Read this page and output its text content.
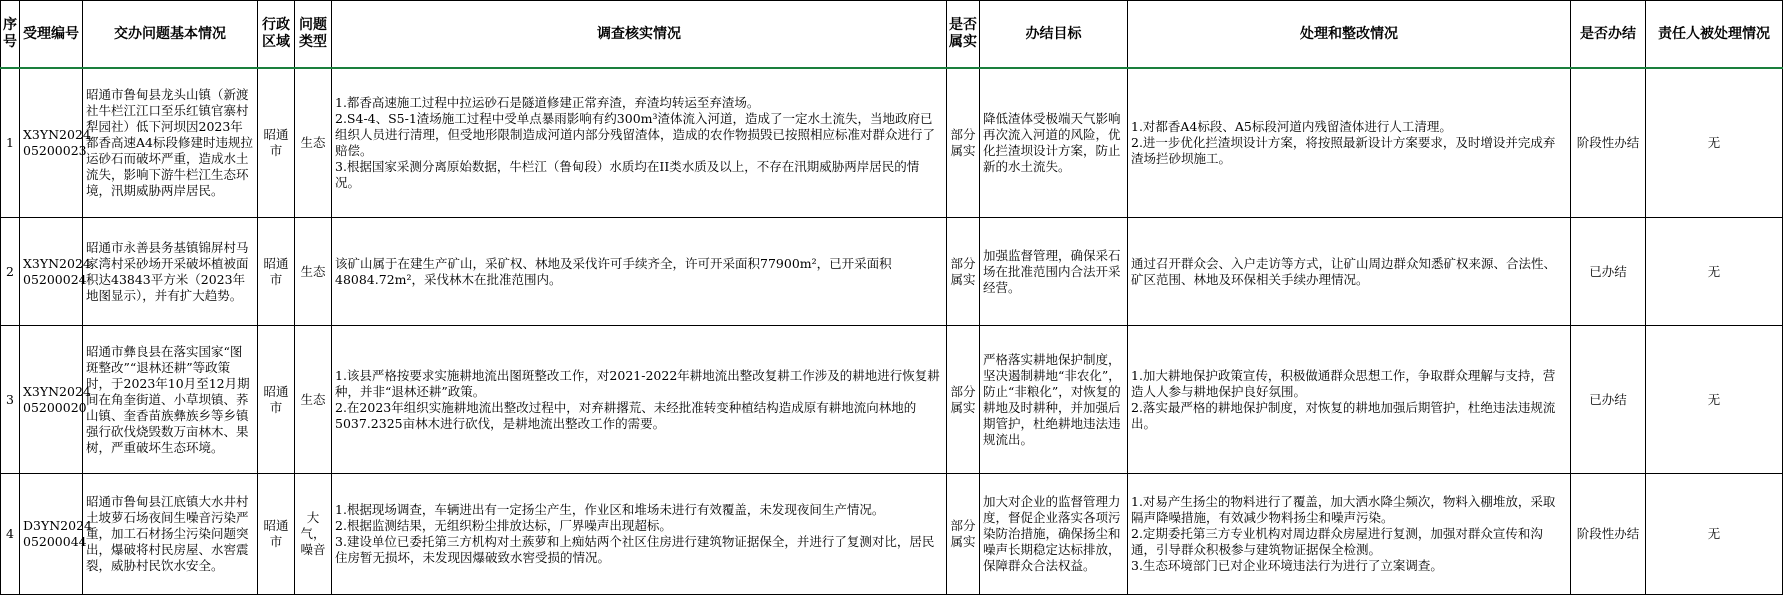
序号	受理编号	交办问题基本情况	行政区域	问题类型	调查核实情况	是否属实	办结目标	处理和整改情况	是否办结	责任人被处理情况
1	X3YN2024 05200023	昭通市鲁甸县龙头山镇（新渡社牛栏江江口至乐红镇官寨村犁园社）低下河坝因2023年都香高速A4标段修建时违规拉运砂石而破坏严重，造成水土流失，影响下游牛栏江生态环境，汛期威胁两岸居民。	昭通市	生态	1.都香高速施工过程中拉运砂石是隧道修建正常弃渣，弃渣均转运至弃渣场。
2.S4-4、S5-1渣场施工过程中受单点暴雨影响有约300m³渣体流入河道，造成了一定水土流失，当地政府已组织人员进行清理，但受地形限制造成河道内部分残留渣体，造成的农作物损毁已按照相应标准对群众进行了赔偿。
3.根据国家采测分离原始数据，牛栏江（鲁甸段）水质均在II类水质及以上，不存在汛期威胁两岸居民的情况。	部分属实	降低渣体受极端天气影响再次流入河道的风险，优化拦渣坝设计方案，防止新的水土流失。	1.对都香A4标段、A5标段河道内残留渣体进行人工清理。
2.进一步优化拦渣坝设计方案，将按照最新设计方案要求，及时增设并完成弃渣场拦砂坝施工。	阶段性办结	无
2	X3YN2024 05200024	昭通市永善县务基镇锦屏村马家湾村采砂场开采破坏植被面积达43843平方米（2023年地图显示），并有扩大趋势。	昭通市	生态	该矿山属于在建生产矿山，采矿权、林地及采伐许可手续齐全，许可开采面积77900m²，已开采面积48084.72m²，采伐林木在批准范围内。	部分属实	加强监督管理，确保采石场在批准范围内合法开采经营。	通过召开群众会、入户走访等方式，让矿山周边群众知悉矿权来源、合法性、矿区范围、林地及环保相关手续办理情况。	已办结	无
3	X3YN2024 05200020	昭通市彝良县在落实国家“图斑整改”“退林还耕”等政策时，于2023年10月至12月期间在角奎街道、小草坝镇、荞山镇、奎香苗族彝族乡等乡镇强行砍伐烧毁数万亩林木、果树，严重破坏生态环境。	昭通市	生态	1.该县严格按要求实施耕地流出图斑整改工作，对2021-2022年耕地流出整改复耕工作涉及的耕地进行恢复耕种，并非“退林还耕”政策。
2.在2023年组织实施耕地流出整改过程中，对弃耕撂荒、未经批准转变种植结构造成原有耕地流向林地的5037.2325亩林木进行砍伐，是耕地流出整改工作的需要。	部分属实	严格落实耕地保护制度，坚决遏制耕地“非农化”，防止“非粮化”，对恢复的耕地及时耕种，并加强后期管护，杜绝耕地违法违规流出。	1.加大耕地保护政策宣传，积极做通群众思想工作，争取群众理解与支持，营造人人参与耕地保护良好氛围。
2.落实最严格的耕地保护制度，对恢复的耕地加强后期管护，杜绝违法违规流出。	已办结	无
4	D3YN2024 05200044	昭通市鲁甸县江底镇大水井村土坡萝石场夜间生噪音污染严重，加工石材扬尘污染问题突出，爆破将村民房屋、水窖震裂，威胁村民饮水安全。	昭通市	大气，噪音	1.根据现场调查，车辆进出有一定扬尘产生，作业区和堆场未进行有效覆盖，未发现夜间生产情况。
2.根据监测结果，无组织粉尘排放达标，厂界噪声出现超标。
3.建设单位已委托第三方机构对土蔟萝和上痴姑两个社区住房进行建筑物证据保全，并进行了复测对比，居民住房暂无损坏，未发现因爆破致水窖受损的情况。	部分属实	加大对企业的监督管理力度，督促企业落实各项污染防治措施，确保扬尘和噪声长期稳定达标排放，保障群众合法权益。	1.对易产生扬尘的物料进行了覆盖，加大洒水降尘频次，物料入棚堆放，采取隔声降噪措施，有效减少物料扬尘和噪声污染。
2.定期委托第三方专业机构对周边群众房屋进行复测，加强对群众宣传和沟通，引导群众积极参与建筑物证据保全检测。
3.生态环境部门已对企业环境违法行为进行了立案调查。	阶段性办结	无
